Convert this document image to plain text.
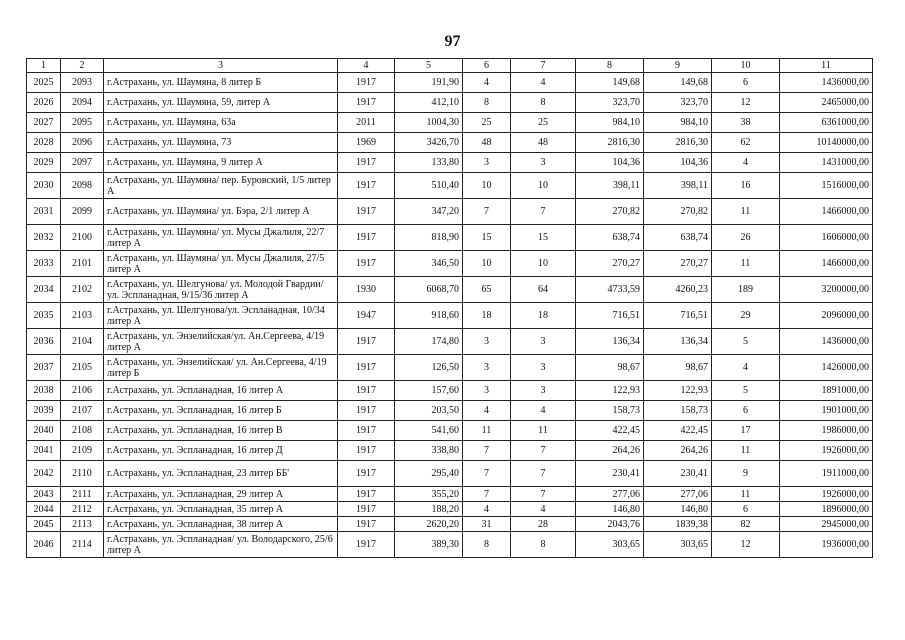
97
1	2	3	4	5	6	7	8	9	10	11
2025	2093	г.Астрахань, ул. Шаумяна, 8 литер Б	1917	191,90	4	4	149,68	149,68	6	1436000,00
2026	2094	г.Астрахань, ул. Шаумяна, 59, литер А	1917	412,10	8	8	323,70	323,70	12	2465000,00
2027	2095	г.Астрахань, ул. Шаумяна, 63а	2011	1004,30	25	25	984,10	984,10	38	6361000,00
2028	2096	г.Астрахань, ул. Шаумяна, 73	1969	3426,70	48	48	2816,30	2816,30	62	10140000,00
2029	2097	г.Астрахань, ул. Шаумяна, 9 литер А	1917	133,80	3	3	104,36	104,36	4	1431000,00
2030	2098	г.Астрахань, ул. Шаумяна/ пер. Буровский, 1/5 литер А	1917	510,40	10	10	398,11	398,11	16	1516000,00
2031	2099	г.Астрахань, ул. Шаумяна/ ул. Бэра, 2/1 литер А	1917	347,20	7	7	270,82	270,82	11	1466000,00
2032	2100	г.Астрахань, ул. Шаумяна/ ул. Мусы Джалиля, 22/7 литер А	1917	818,90	15	15	638,74	638,74	26	1606000,00
2033	2101	г.Астрахань, ул. Шаумяна/ ул. Мусы Джалиля, 27/5 литер А	1917	346,50	10	10	270,27	270,27	11	1466000,00
2034	2102	г.Астрахань, ул. Шелгунова/ ул. Молодой Гвардии/ ул. Эспланадная, 9/15/36 литер А	1930	6068,70	65	64	4733,59	4260,23	189	3200000,00
2035	2103	г.Астрахань, ул. Шелгунова/ул. Эспланадная, 10/34 литер А	1947	918,60	18	18	716,51	716,51	29	2096000,00
2036	2104	г.Астрахань, ул. Энзелийская/ул. Ан.Сергеева, 4/19 литер А	1917	174,80	3	3	136,34	136,34	5	1436000,00
2037	2105	г.Астрахань, ул. Энзелийская/ ул. Ан.Сергеева, 4/19 литер Б	1917	126,50	3	3	98,67	98,67	4	1426000,00
2038	2106	г.Астрахань, ул. Эспланадная, 16 литер А	1917	157,60	3	3	122,93	122,93	5	1891000,00
2039	2107	г.Астрахань, ул. Эспланадная, 16 литер Б	1917	203,50	4	4	158,73	158,73	6	1901000,00
2040	2108	г.Астрахань, ул. Эспланадная, 16 литер В	1917	541,60	11	11	422,45	422,45	17	1986000,00
2041	2109	г.Астрахань, ул. Эспланадная, 16 литер Д	1917	338,80	7	7	264,26	264,26	11	1926000,00
2042	2110	г.Астрахань, ул. Эспланадная, 23 литер ББ'	1917	295,40	7	7	230,41	230,41	9	1911000,00
2043	2111	г.Астрахань, ул. Эспланадная, 29 литер А	1917	355,20	7	7	277,06	277,06	11	1926000,00
2044	2112	г.Астрахань, ул. Эспланадная, 35 литер А	1917	188,20	4	4	146,80	146,80	6	1896000,00
2045	2113	г.Астрахань, ул. Эспланадная, 38 литер А	1917	2620,20	31	28	2043,76	1839,38	82	2945000,00
2046	2114	г.Астрахань, ул. Эспланадная/ ул. Володарского, 25/6 литер А	1917	389,30	8	8	303,65	303,65	12	1936000,00
